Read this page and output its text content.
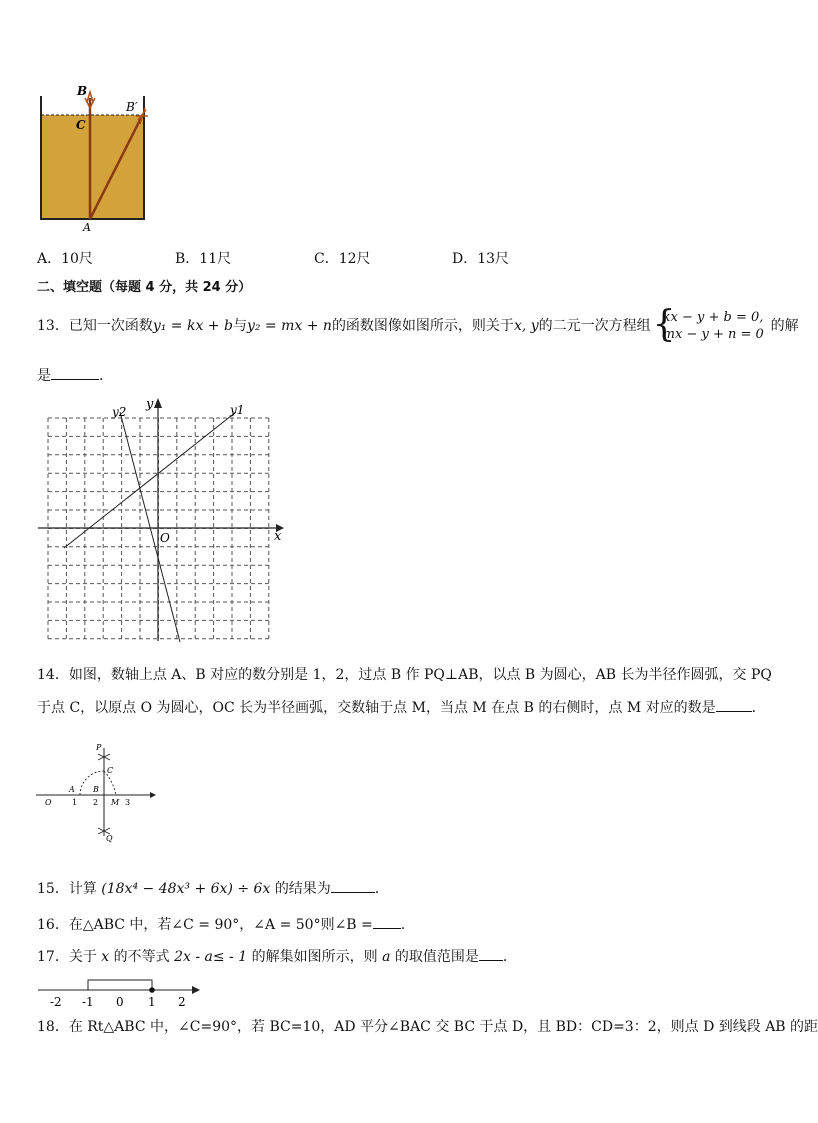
B
C
B′
A
A．10尺	B．11尺	C．12尺	D．13尺
二、填空题（每题 4 分，共 24 分）
13．已知一次函数 y₁ = kx + b 与 y₂ = mx + n 的函数图像如图所示，则关于 x, y 的二元一次方程组 {
kx − y + b = 0,
mx − y + n = 0
的解
是	．
y
x
O
y1
y2
14．如图，数轴上点 A、B 对应的数分别是 1，2，过点 B 作 PQ⊥AB，以点 B 为圆心，AB 长为半径作圆弧，交 PQ
于点 C，以原点 O 为圆心，OC 长为半径画弧，交数轴于点 M，当点 M 在点 B 的右侧时，点 M 对应的数是	．
P
C
O
A B
M
Q
1 2	3
15．计算 (18x⁴ − 48x³ + 6x) ÷ 6x 的结果为	．
16．在△ABC 中，若∠C = 90°，∠A = 50°则∠B = .
17．关于 x 的不等式 2x - a≤ - 1 的解集如图所示，则 a 的取值范围是 ．
-2 -1 0 1 2
18．在 Rt△ABC 中，∠C=90°，若 BC=10，AD 平分∠BAC 交 BC 于点 D，且 BD：CD=3：2，则点 D 到线段 AB 的距
